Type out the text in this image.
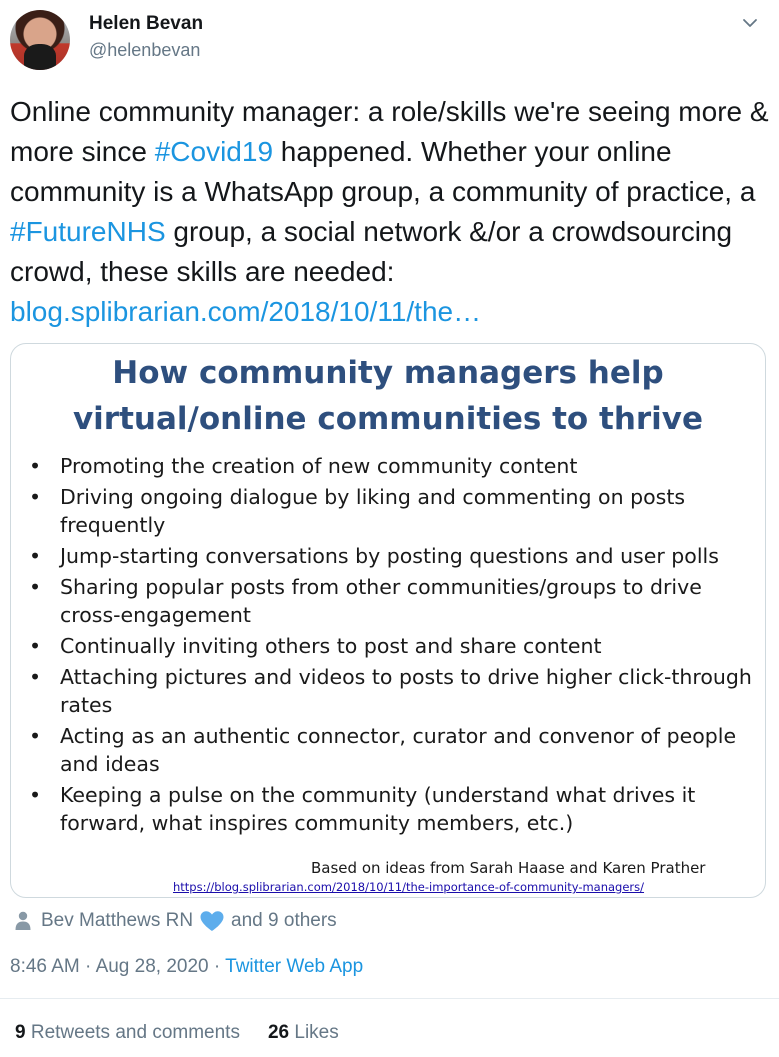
Helen Bevan
@helenbevan
Online community manager: a role/skills we're seeing more & more since #Covid19 happened. Whether your online community is a WhatsApp group, a community of practice, a #FutureNHS group, a social network &/or a crowdsourcing crowd, these skills are needed: blog.splibrarian.com/2018/10/11/the…
How community managers help
virtual/online communities to thrive
• Promoting the creation of new community content
• Driving ongoing dialogue by liking and commenting on posts frequently
• Jump-starting conversations by posting questions and user polls
• Sharing popular posts from other communities/groups to drive cross-engagement
• Continually inviting others to post and share content
• Attaching pictures and videos to posts to drive higher click-through rates
• Acting as an authentic connector, curator and convenor of people and ideas
• Keeping a pulse on the community (understand what drives it forward, what inspires community members, etc.)
Based on ideas from Sarah Haase and Karen Prather
https://blog.splibrarian.com/2018/10/11/the-importance-of-community-managers/
Bev Matthews RN and 9 others
8:46 AM · Aug 28, 2020 · Twitter Web App
9 Retweets and comments 26 Likes
